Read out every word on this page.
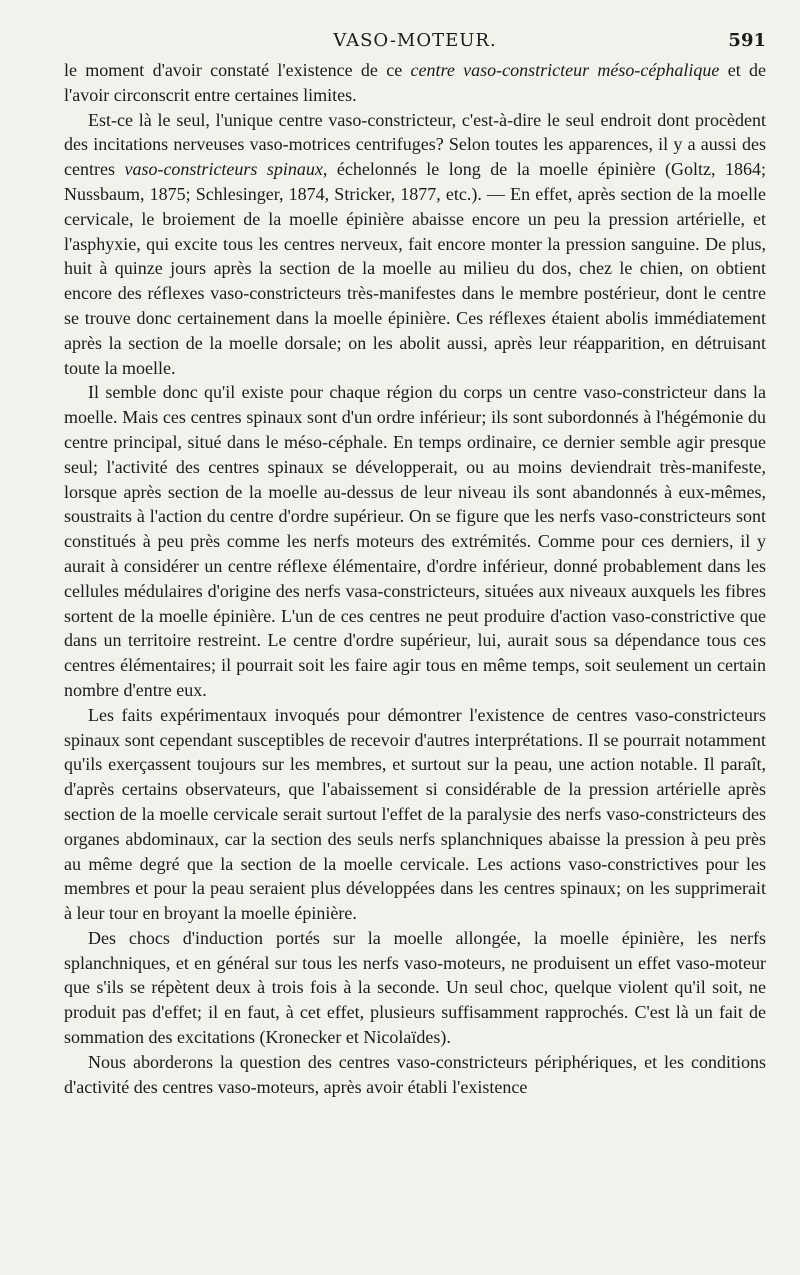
VASO-MOTEUR.	591

le moment d'avoir constaté l'existence de ce centre vaso-constricteur méso-céphalique et de l'avoir circonscrit entre certaines limites.

Est-ce là le seul, l'unique centre vaso-constricteur, c'est-à-dire le seul endroit dont procèdent des incitations nerveuses vaso-motrices centrifuges? Selon toutes les apparences, il y a aussi des centres vaso-constricteurs spinaux, échelonnés le long de la moelle épinière (Goltz, 1864; Nussbaum, 1875; Schlesinger, 1874, Stricker, 1877, etc.). — En effet, après section de la moelle cervicale, le broiement de la moelle épinière abaisse encore un peu la pression artérielle, et l'asphyxie, qui excite tous les centres nerveux, fait encore monter la pression sanguine. De plus, huit à quinze jours après la section de la moelle au milieu du dos, chez le chien, on obtient encore des réflexes vaso-constricteurs très-manifestes dans le membre postérieur, dont le centre se trouve donc certainement dans la moelle épinière. Ces réflexes étaient abolis immédiatement après la section de la moelle dorsale; on les abolit aussi, après leur réapparition, en détruisant toute la moelle.

Il semble donc qu'il existe pour chaque région du corps un centre vaso-constricteur dans la moelle. Mais ces centres spinaux sont d'un ordre inférieur; ils sont subordonnés à l'hégémonie du centre principal, situé dans le méso-céphale. En temps ordinaire, ce dernier semble agir presque seul; l'activité des centres spinaux se développerait, ou au moins deviendrait très-manifeste, lorsque après section de la moelle au-dessus de leur niveau ils sont abandonnés à eux-mêmes, soustraits à l'action du centre d'ordre supérieur. On se figure que les nerfs vaso-constricteurs sont constitués à peu près comme les nerfs moteurs des extrémités. Comme pour ces derniers, il y aurait à considérer un centre réflexe élémentaire, d'ordre inférieur, donné probablement dans les cellules médulaires d'origine des nerfs vasa-constricteurs, situées aux niveaux auxquels les fibres sortent de la moelle épinière. L'un de ces centres ne peut produire d'action vaso-constrictive que dans un territoire restreint. Le centre d'ordre supérieur, lui, aurait sous sa dépendance tous ces centres élémentaires; il pourrait soit les faire agir tous en même temps, soit seulement un certain nombre d'entre eux.

Les faits expérimentaux invoqués pour démontrer l'existence de centres vaso-constricteurs spinaux sont cependant susceptibles de recevoir d'autres interprétations. Il se pourrait notamment qu'ils exerçassent toujours sur les membres, et surtout sur la peau, une action notable. Il paraît, d'après certains observateurs, que l'abaissement si considérable de la pression artérielle après section de la moelle cervicale serait surtout l'effet de la paralysie des nerfs vaso-constricteurs des organes abdominaux, car la section des seuls nerfs splanchniques abaisse la pression à peu près au même degré que la section de la moelle cervicale. Les actions vaso-constrictives pour les membres et pour la peau seraient plus développées dans les centres spinaux; on les supprimerait à leur tour en broyant la moelle épinière.

Des chocs d'induction portés sur la moelle allongée, la moelle épinière, les nerfs splanchniques, et en général sur tous les nerfs vaso-moteurs, ne produisent un effet vaso-moteur que s'ils se répètent deux à trois fois à la seconde. Un seul choc, quelque violent qu'il soit, ne produit pas d'effet; il en faut, à cet effet, plusieurs suffisamment rapprochés. C'est là un fait de sommation des excitations (Kronecker et Nicolaïdes).

Nous aborderons la question des centres vaso-constricteurs périphériques, et les conditions d'activité des centres vaso-moteurs, après avoir établi l'existence
